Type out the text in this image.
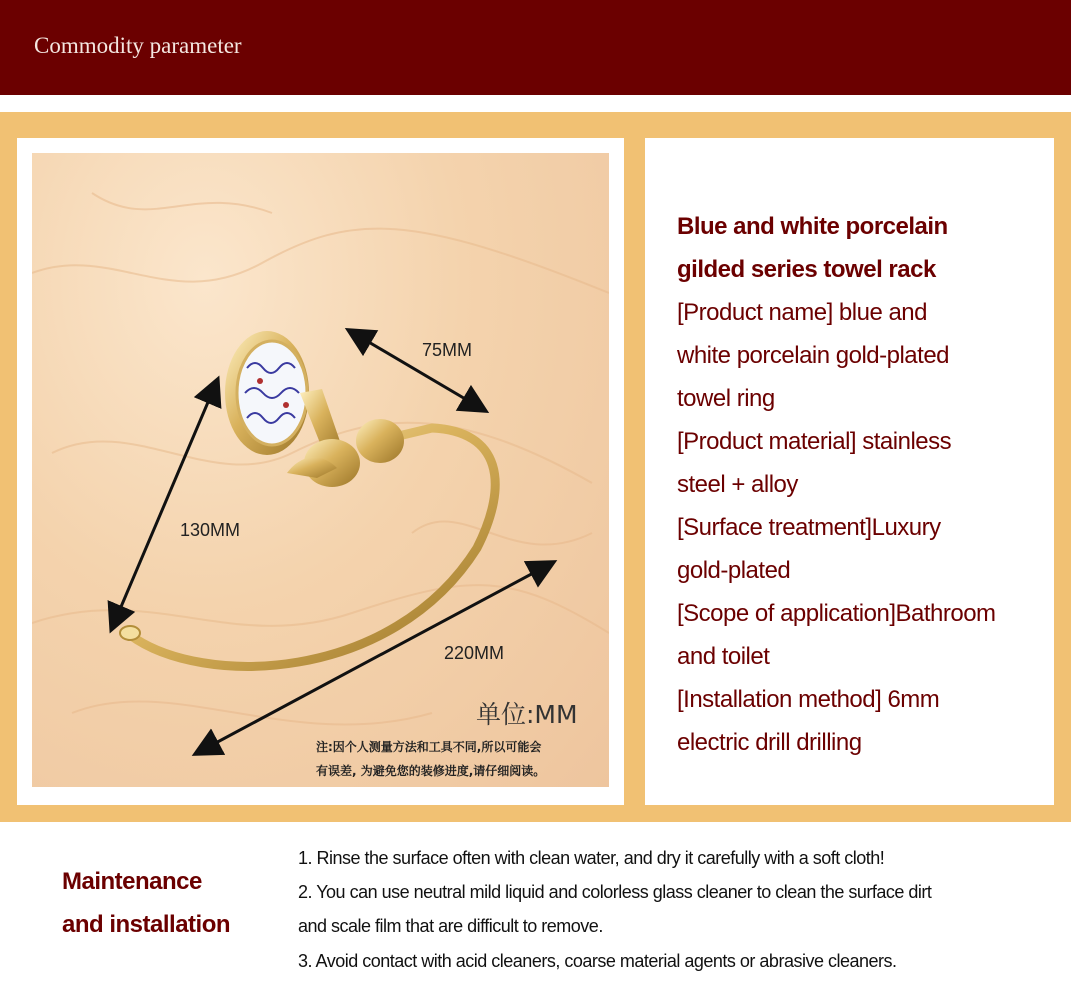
Commodity parameter
75MM
130MM
220MM
单位:MM
注:因个人测量方法和工具不同,所以可能会
有误差, 为避免您的装修进度,请仔细阅读。
Blue and white porcelain
gilded series towel rack
[Product name] blue and
white porcelain gold-plated
towel ring
[Product material] stainless
steel + alloy
[Surface treatment]Luxury
gold-plated
[Scope of application]Bathroom
and toilet
[Installation method] 6mm
electric drill drilling
Maintenance
and installation
1. Rinse the surface often with clean water, and dry it carefully with a soft cloth!
2. You can use neutral mild liquid and colorless glass cleaner to clean the surface dirt
and scale film that are difficult to remove.
3. Avoid contact with acid cleaners, coarse material agents or abrasive cleaners.
